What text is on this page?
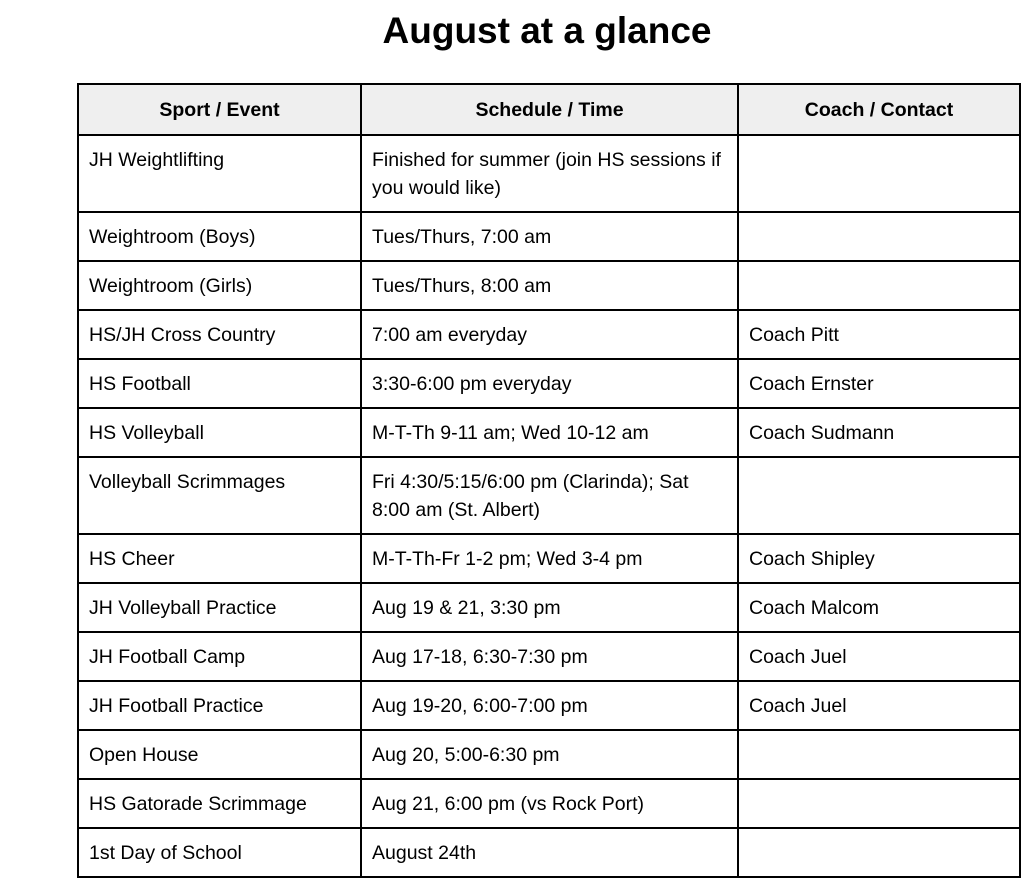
August at a glance
Sport / Event	Schedule / Time	Coach / Contact
JH Weightlifting	Finished for summer (join HS sessions if you would like)	
Weightroom (Boys)	Tues/Thurs, 7:00 am	
Weightroom (Girls)	Tues/Thurs, 8:00 am	
HS/JH Cross Country	7:00 am everyday	Coach Pitt
HS Football	3:30-6:00 pm everyday	Coach Ernster
HS Volleyball	M-T-Th 9-11 am; Wed 10-12 am	Coach Sudmann
Volleyball Scrimmages	Fri 4:30/5:15/6:00 pm (Clarinda); Sat 8:00 am (St. Albert)	
HS Cheer	M-T-Th-Fr 1-2 pm; Wed 3-4 pm	Coach Shipley
JH Volleyball Practice	Aug 19 & 21, 3:30 pm	Coach Malcom
JH Football Camp	Aug 17-18, 6:30-7:30 pm	Coach Juel
JH Football Practice	Aug 19-20, 6:00-7:00 pm	Coach Juel
Open House	Aug 20, 5:00-6:30 pm	
HS Gatorade Scrimmage	Aug 21, 6:00 pm (vs Rock Port)	
1st Day of School	August 24th	
